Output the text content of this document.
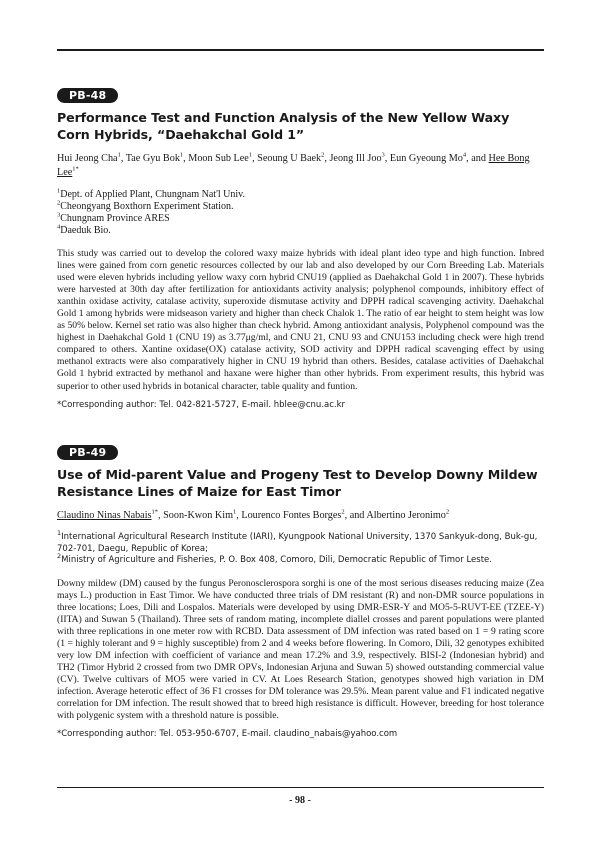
PB-48
Performance Test and Function Analysis of the New Yellow Waxy Corn Hybrids, “Daehakchal Gold 1”
Hui Jeong Cha$^1$, Tae Gyu Bok$^1$, Moon Sub Lee$^1$, Seoung U Baek$^2$, Jeong Ill Joo$^3$, Eun Gyeoung Mo$^4$, and Hee Bong Lee$^{1*}$
$^1$Dept. of Applied Plant, Chungnam Nat'l Univ.
$^2$Cheongyang Boxthorn Experiment Station.
$^3$Chungnam Province ARES
$^4$Daeduk Bio.
This study was carried out to develop the colored waxy maize hybrids with ideal plant ideo type and high function. Inbred lines were gained from corn genetic resources collected by our lab and also developed by our Corn Breeding Lab. Materials used were eleven hybrids including yellow waxy corn hybrid CNU19 (applied as Daehakchal Gold 1 in 2007). These hybrids were harvested at 30th day after fertilization for antioxidants activity analysis; polyphenol compounds, inhibitory effect of xanthin oxidase activity, catalase activity, superoxide dismutase activity and DPPH radical scavenging activity. Daehakchal Gold 1 among hybrids were midseason variety and higher than check Chalok 1. The ratio of ear height to stem height was low as 50% below. Kernel set ratio was also higher than check hybrid. Among antioxidant analysis, Polyphenol compound was the highest in Daehakchal Gold 1 (CNU 19) as 3.77μg/ml, and CNU 21, CNU 93 and CNU153 including check were high trend compared to others. Xantine oxidase(OX) catalase activity, SOD activity and DPPH radical scavenging effect by using methanol extracts were also comparatively higher in CNU 19 hybrid than others. Besides, catalase activities of Daehakchal Gold 1 hybrid extracted by methanol and haxane were higher than other hybrids. From experiment results, this hybrid was superior to other used hybrids in botanical character, table quality and funtion.
*Corresponding author: Tel. 042-821-5727, E-mail. hblee@cnu.ac.kr
PB-49
Use of Mid-parent Value and Progeny Test to Develop Downy Mildew Resistance Lines of Maize for East Timor
Claudino Ninas Nabais$^{1*}$, Soon-Kwon Kim$^1$, Lourenco Fontes Borges$^2$, and Albertino Jeronimo$^2$
$^1$International Agricultural Research Institute (IARI), Kyungpook National University, 1370 Sankyuk-dong, Buk-gu, 702-701, Daegu, Republic of Korea;
$^2$Ministry of Agriculture and Fisheries, P. O. Box 408, Comoro, Dili, Democratic Republic of Timor Leste.
Downy mildew (DM) caused by the fungus Peronosclerospora sorghi is one of the most serious diseases reducing maize (Zea mays L.) production in East Timor. We have conducted three trials of DM resistant (R) and non-DMR source populations in three locations; Loes, Dili and Lospalos. Materials were developed by using DMR-ESR-Y and MO5-5-RUVT-EE (TZEE-Y) (IITA) and Suwan 5 (Thailand). Three sets of random mating, incomplete diallel crosses and parent populations were planted with three replications in one meter row with RCBD. Data assessment of DM infection was rated based on 1 = 9 rating score (1 = highly tolerant and 9 = highly susceptible) from 2 and 4 weeks before flowering. In Comoro, Dili, 32 genotypes exhibited very low DM infection with coefficient of variance and mean 17.2% and 3.9, respectively. BISI-2 (Indonesian hybrid) and TH2 (Timor Hybrid 2 crossed from two DMR OPVs, Indonesian Arjuna and Suwan 5) showed outstanding commercial value (CV). Twelve cultivars of MO5 were varied in CV. At Loes Research Station, genotypes showed high variation in DM infection. Average heterotic effect of 36 F1 crosses for DM tolerance was 29.5%. Mean parent value and F1 indicated negative correlation for DM infection. The result showed that to breed high resistance is difficult. However, breeding for host tolerance with polygenic system with a threshold nature is possible.
*Corresponding author: Tel. 053-950-6707, E-mail. claudino_nabais@yahoo.com
- 98 -
